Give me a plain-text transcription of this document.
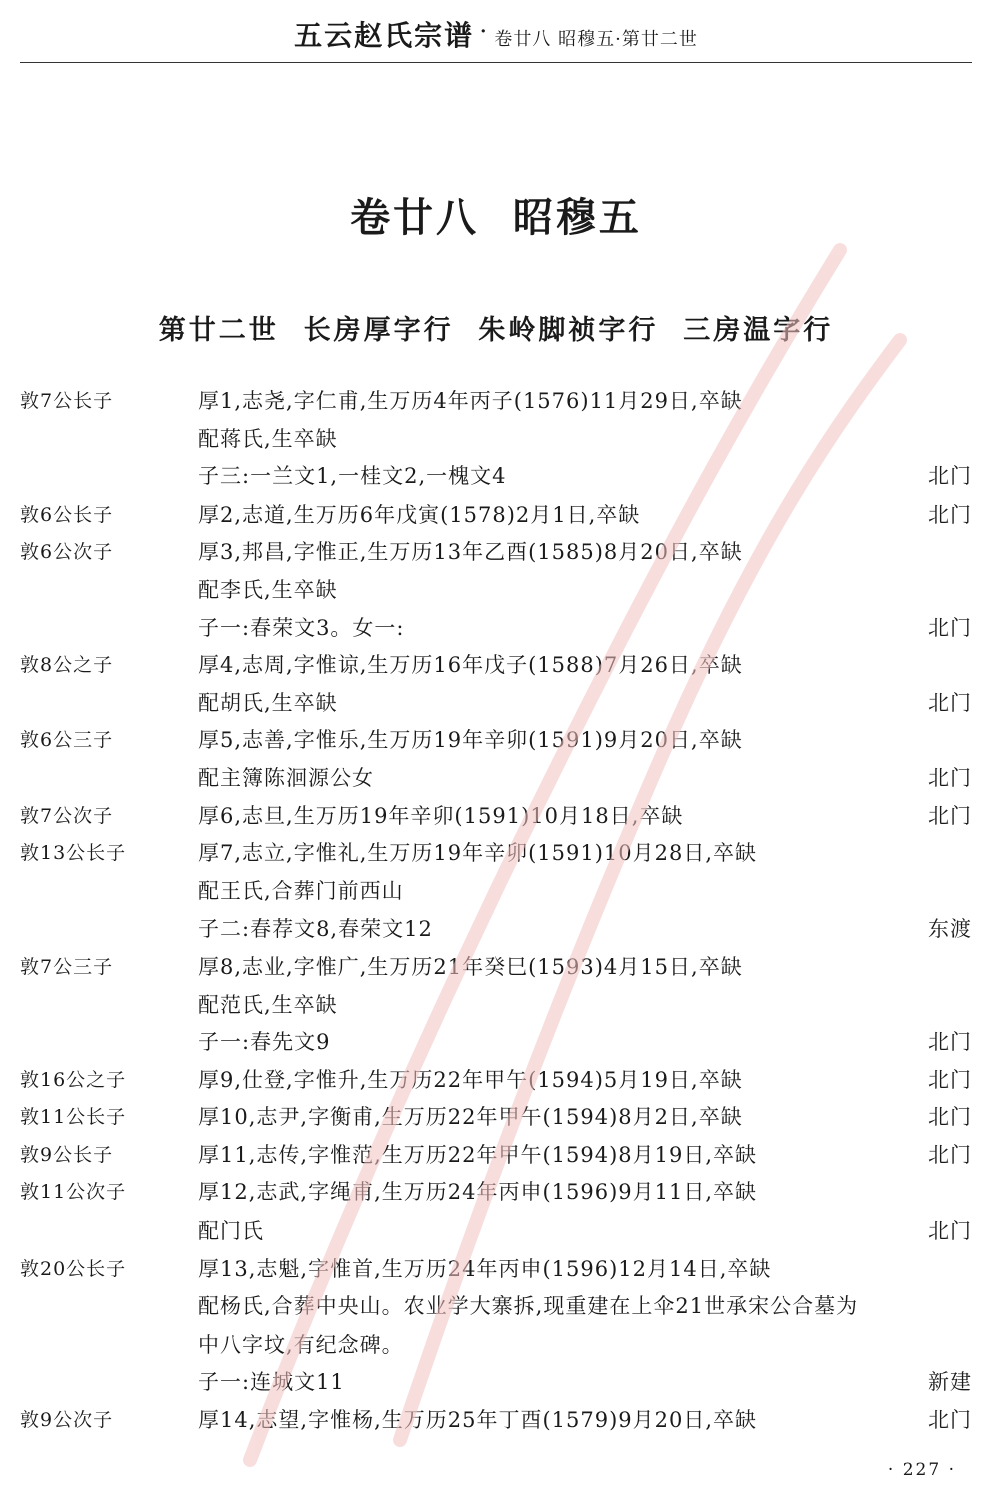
五云赵氏宗谱 · 卷廿八 昭穆五·第廿二世
卷廿八  昭穆五
第廿二世  长房厚字行  朱岭脚祯字行  三房温字行
敦7公长子	厚1,志尧,字仁甫,生万历4年丙子(1576)11月29日,卒缺
配蒋氏,生卒缺
子三:一兰文1,一桂文2,一槐文4	北门
敦6公长子	厚2,志道,生万历6年戊寅(1578)2月1日,卒缺	北门
敦6公次子	厚3,邦昌,字惟正,生万历13年乙酉(1585)8月20日,卒缺
配李氏,生卒缺
子一:春荣文3。女一:	北门
敦8公之子	厚4,志周,字惟谅,生万历16年戊子(1588)7月26日,卒缺
配胡氏,生卒缺	北门
敦6公三子	厚5,志善,字惟乐,生万历19年辛卯(1591)9月20日,卒缺
配主簿陈洄源公女	北门
敦7公次子	厚6,志旦,生万历19年辛卯(1591)10月18日,卒缺	北门
敦13公长子	厚7,志立,字惟礼,生万历19年辛卯(1591)10月28日,卒缺
配王氏,合葬门前西山
子二:春荐文8,春荣文12	东渡
敦7公三子	厚8,志业,字惟广,生万历21年癸巳(1593)4月15日,卒缺
配范氏,生卒缺
子一:春先文9	北门
敦16公之子	厚9,仕登,字惟升,生万历22年甲午(1594)5月19日,卒缺	北门
敦11公长子	厚10,志尹,字衡甫,生万历22年甲午(1594)8月2日,卒缺	北门
敦9公长子	厚11,志传,字惟范,生万历22年甲午(1594)8月19日,卒缺	北门
敦11公次子	厚12,志武,字绳甫,生万历24年丙申(1596)9月11日,卒缺
配门氏	北门
敦20公长子	厚13,志魁,字惟首,生万历24年丙申(1596)12月14日,卒缺
配杨氏,合葬中央山。农业学大寨拆,现重建在上伞21世承宋公合墓为
中八字坟,有纪念碑。
子一:连城文11	新建
敦9公次子	厚14,志望,字惟杨,生万历25年丁酉(1579)9月20日,卒缺	北门
· 227 ·
